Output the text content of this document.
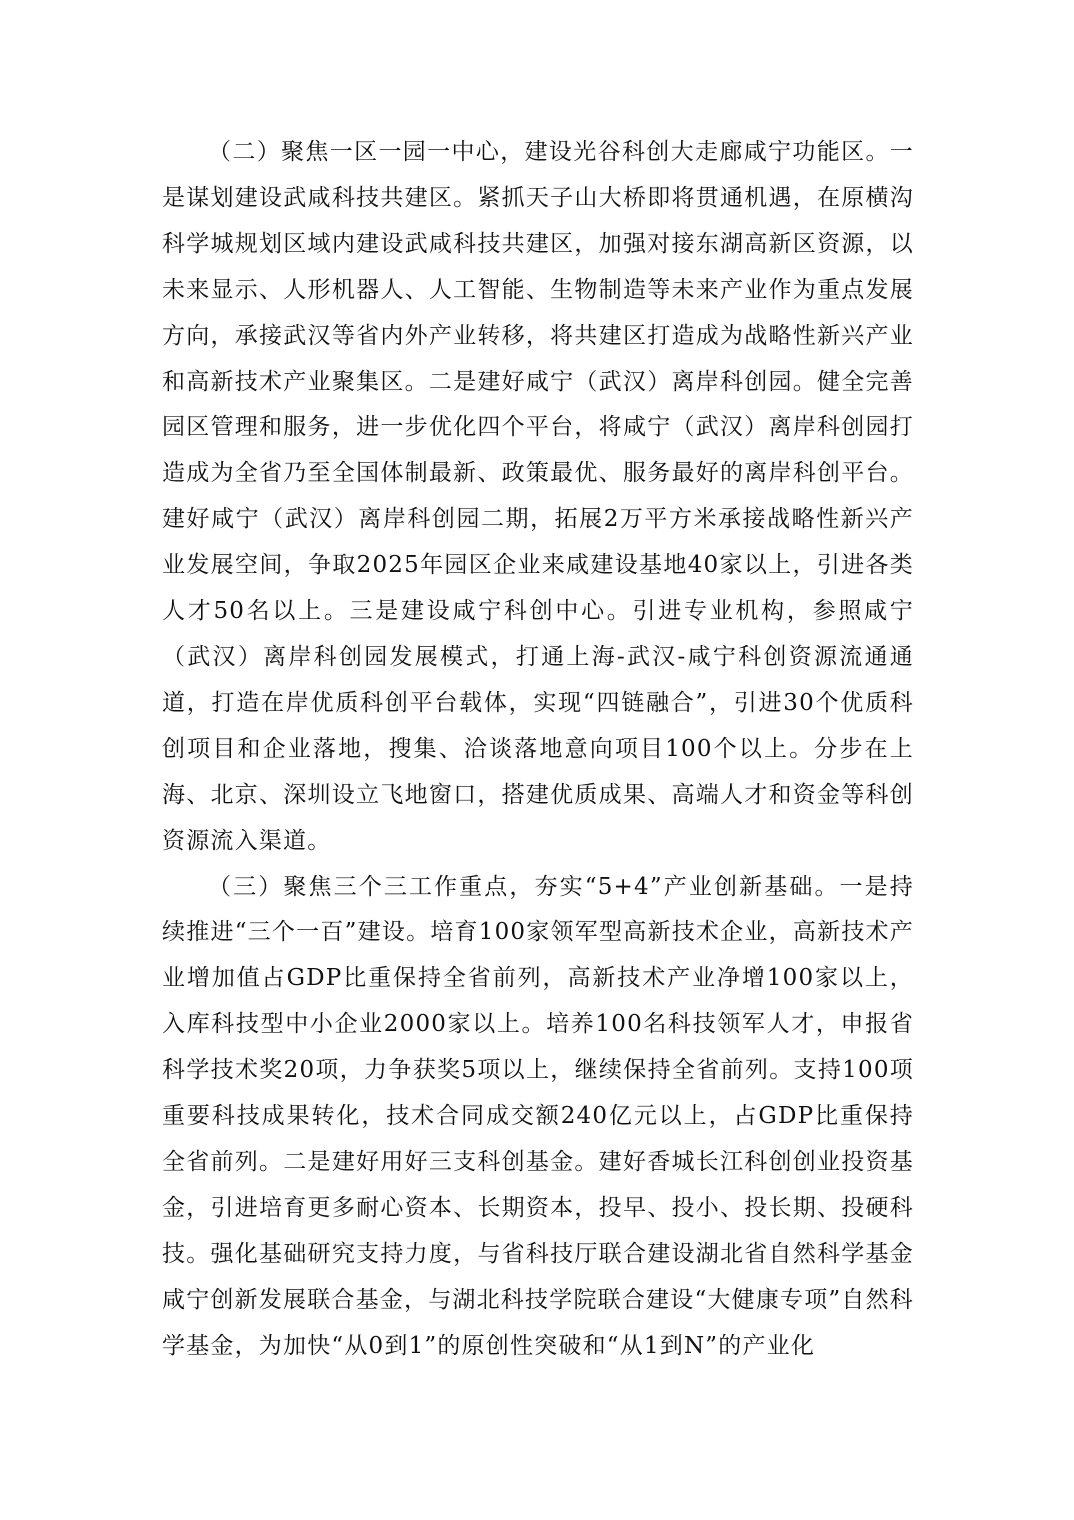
（二）聚焦一区一园一中心，建设光谷科创大走廊咸宁功能区。一是谋划建设武咸科技共建区。紧抓天子山大桥即将贯通机遇，在原横沟科学城规划区域内建设武咸科技共建区，加强对接东湖高新区资源，以未来显示、人形机器人、人工智能、生物制造等未来产业作为重点发展方向，承接武汉等省内外产业转移，将共建区打造成为战略性新兴产业和高新技术产业聚集区。二是建好咸宁（武汉）离岸科创园。健全完善园区管理和服务，进一步优化四个平台，将咸宁（武汉）离岸科创园打造成为全省乃至全国体制最新、政策最优、服务最好的离岸科创平台。建好咸宁（武汉）离岸科创园二期，拓展2万平方米承接战略性新兴产业发展空间，争取2025年园区企业来咸建设基地40家以上，引进各类人才50名以上。三是建设咸宁科创中心。引进专业机构，参照咸宁（武汉）离岸科创园发展模式，打通上海-武汉-咸宁科创资源流通通道，打造在岸优质科创平台载体，实现“四链融合”，引进30个优质科创项目和企业落地，搜集、洽谈落地意向项目100个以上。分步在上海、北京、深圳设立飞地窗口，搭建优质成果、高端人才和资金等科创资源流入渠道。

（三）聚焦三个三工作重点，夯实“5+4”产业创新基础。一是持续推进“三个一百”建设。培育100家领军型高新技术企业，高新技术产业增加值占GDP比重保持全省前列，高新技术产业净增100家以上，入库科技型中小企业2000家以上。培养100名科技领军人才，申报省科学技术奖20项，力争获奖5项以上，继续保持全省前列。支持100项重要科技成果转化，技术合同成交额240亿元以上，占GDP比重保持全省前列。二是建好用好三支科创基金。建好香城长江科创创业投资基金，引进培育更多耐心资本、长期资本，投早、投小、投长期、投硬科技。强化基础研究支持力度，与省科技厅联合建设湖北省自然科学基金咸宁创新发展联合基金，与湖北科技学院联合建设“大健康专项”自然科学基金，为加快“从0到1”的原创性突破和“从1到N”的产业化
